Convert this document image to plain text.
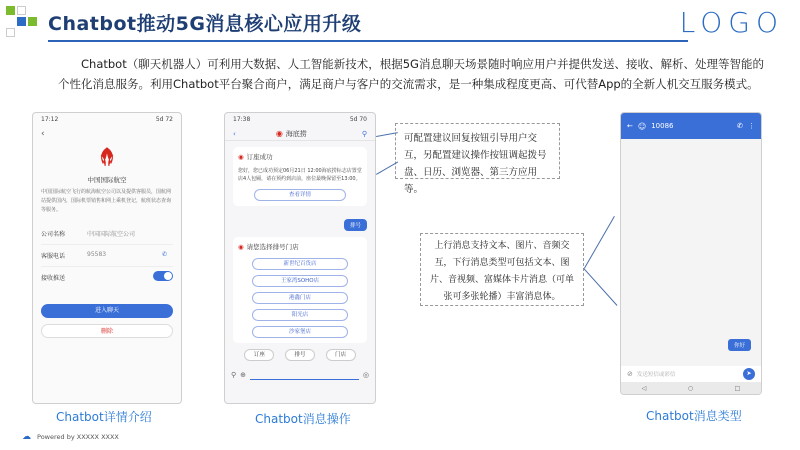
Chatbot推动5G消息核心应用升级	LOGO
Chatbot（聊天机器人）可利用大数据、人工智能新技术，根据5G消息聊天场景随时响应用户并提供发送、接收、解析、处理等智能的个性化消息服务。利用Chatbot平台聚合商户，满足商户与客户的交流需求，是一种集成程度更高、可代替App的全新人机交互服务模式。
17:12	5d 72
‹
中国国际航空
中国国际航空飞行的航海航空公司以及提供客服员，国航网站提供国内，国际机票销售和网上乘机登记，航班状态查询等服务。
公司名称	中国国际航空公司
客服电话	95583	✆
接收推送
进入聊天
删除
Chatbot详情介绍
17:38	5d 70
‹	◉ 海底捞	⚲
◉ 订座成功
您好，您已成功预定06月21日 12:00海底捞标志店置堂店4人包厢，请在预约到店前，座位最晚保留至13:00。
查看详情
排号
◉ 请您选择排号门店
新世纪百货店
王家湾SOHO店
港鑫门店
阳光店
沙家堡店
订座	排号	门店
⚲ ⊕	◎
Chatbot消息操作
可配置建议回复按钮引导用户交互，另配置建议操作按钮调起拨号盘、日历、浏览器、第三方应用等。
上行消息支持文本、图片、音频交互，下行消息类型可包括文本、图片、音视频、富媒体卡片消息（可单张可多张轮播）丰富消息体。
← ☺ 10086	✆ ⋮
你好
⊘ 发送短信或彩信	➤
◁	○	□
Chatbot消息类型
☁ Powered by XXXXX XXXX
